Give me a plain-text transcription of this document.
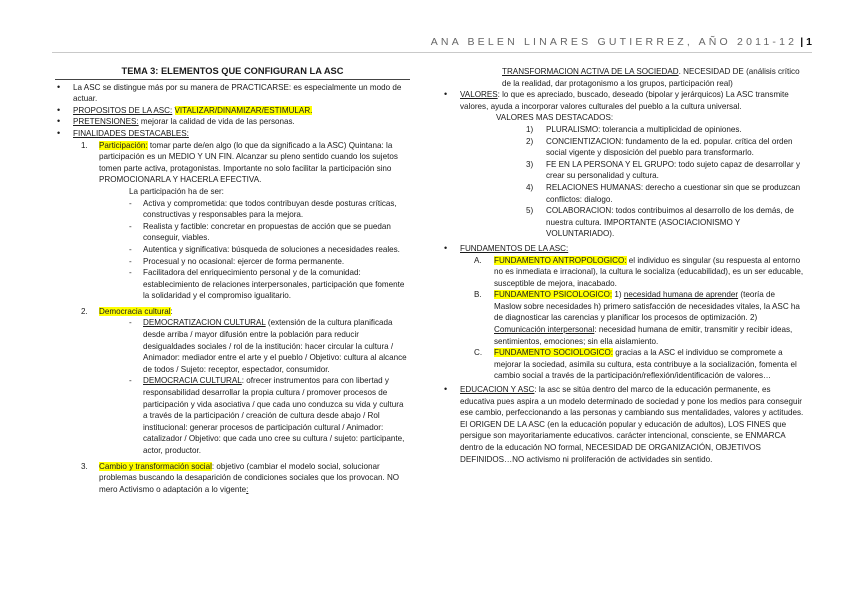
ANA BELEN LINARES GUTIERREZ, AÑO 2011-12 | 1
TEMA 3: ELEMENTOS QUE CONFIGURAN LA ASC
• La ASC se distingue más por su manera de PRACTICARSE: es especialmente un modo de actuar.
• PROPOSITOS DE LA ASC: VITALIZAR/DINAMIZAR/ESTIMULAR.
• PRETENSIONES: mejorar la calidad de vida de las personas.
• FINALIDADES DESTACABLES:
1. Participación: tomar parte de/en algo (lo que da significado a la ASC) Quintana: la participación es un MEDIO Y UN FIN. Alcanzar su pleno sentido cuando los sujetos tomen parte activa, protagonistas. Importante no solo facilitar la participación sino PROMOCIONARLA Y HACERLA EFECTIVA.
La participación ha de ser:
- Activa y comprometida: que todos contribuyan desde posturas críticas, constructivas y responsables para la mejora.
- Realista y factible: concretar en propuestas de acción que se puedan conseguir, viables.
- Autentica y significativa: búsqueda de soluciones a necesidades reales.
- Procesual y no ocasional: ejercer de forma permanente.
- Facilitadora del enriquecimiento personal y de la comunidad: establecimiento de relaciones interpersonales, participación que fomente la solidaridad y el compromiso igualitario.
2. Democracia cultural:
- DEMOCRATIZACION CULTURAL (extensión de la cultura planificada desde arriba / mayor difusión entre la población para reducir desigualdades sociales / rol de la institución: hacer circular la cultura / Animador: mediador entre el arte y el pueblo / Objetivo: cultura al alcance de todos / Sujeto: receptor, espectador, consumidor.
- DEMOCRACIA CULTURAL: ofrecer instrumentos para con libertad y responsabilidad desarrollar la propia cultura / promover procesos de participación y vida asociativa / que cada uno conduzca su vida y cultura a través de la participación / creación de cultura desde abajo / Rol institucional: generar procesos de participación cultural / Animador: catalizador / Objetivo: que cada uno cree su cultura / sujeto: participante, actor, productor.
3. Cambio y transformación social: objetivo (cambiar el modelo social, solucionar problemas buscando la desaparición de condiciones sociales que los provocan. NO mero Activismo o adaptación a lo vigente:
TRANSFORMACION ACTIVA DE LA SOCIEDAD. NECESIDAD DE (análisis crítico de la realidad, dar protagonismo a los grupos, participación real)
• VALORES: lo que es apreciado, buscado, deseado (bipolar y jerárquicos) La ASC transmite valores, ayuda a incorporar valores culturales del pueblo a la cultura universal.
VALORES MAS DESTACADOS:
1) PLURALISMO: tolerancia a multiplicidad de opiniones.
2) CONCIENTIZACION: fundamento de la ed. popular. crítica del orden social vigente y disposición del pueblo para transformarlo.
3) FE EN LA PERSONA Y EL GRUPO: todo sujeto capaz de desarrollar y crear su personalidad y cultura.
4) RELACIONES HUMANAS: derecho a cuestionar sin que se produzcan conflictos: dialogo.
5) COLABORACION: todos contribuimos al desarrollo de los demás, de nuestra cultura. IMPORTANTE (ASOCIACIONISMO Y VOLUNTARIADO).
• FUNDAMENTOS DE LA ASC:
A. FUNDAMENTO ANTROPOLOGICO: el individuo es singular (su respuesta al entorno no es inmediata e irracional), la cultura le socializa (educabilidad), es un ser educable, susceptible de mejora, inacabado.
B. FUNDAMENTO PSICOLOGICO: 1) necesidad humana de aprender (teoría de Maslow sobre necesidades h) primero satisfacción de necesidades vitales, la ASC ha de diagnosticar las carencias y planificar los procesos de optimización. 2) Comunicación interpersonal: necesidad humana de emitir, transmitir y recibir ideas, sentimientos, emociones; sin ella aislamiento.
C. FUNDAMENTO SOCIOLOGICO: gracias a la ASC el individuo se compromete a mejorar la sociedad, asimila su cultura, esta contribuye a la socialización, fomenta el cambio social a través de la participación/reflexión/identificación de valores…
• EDUCACION Y ASC: la asc se sitúa dentro del marco de la educación permanente, es educativa pues aspira a un modelo determinado de sociedad y pone los medios para conseguir ese cambio, perfeccionando a las personas y cambiando sus mentalidades, valores y actitudes. El ORIGEN DE LA ASC (en la educación popular y educación de adultos), LOS FINES que persigue son mayoritariamente educativos. carácter intencional, consciente, se ENMARCA dentro de la educación NO formal, NECESIDAD DE ORGANIZACIÓN, OBJETIVOS DEFINIDOS…NO activismo ni proliferación de actividades sin sentido.
